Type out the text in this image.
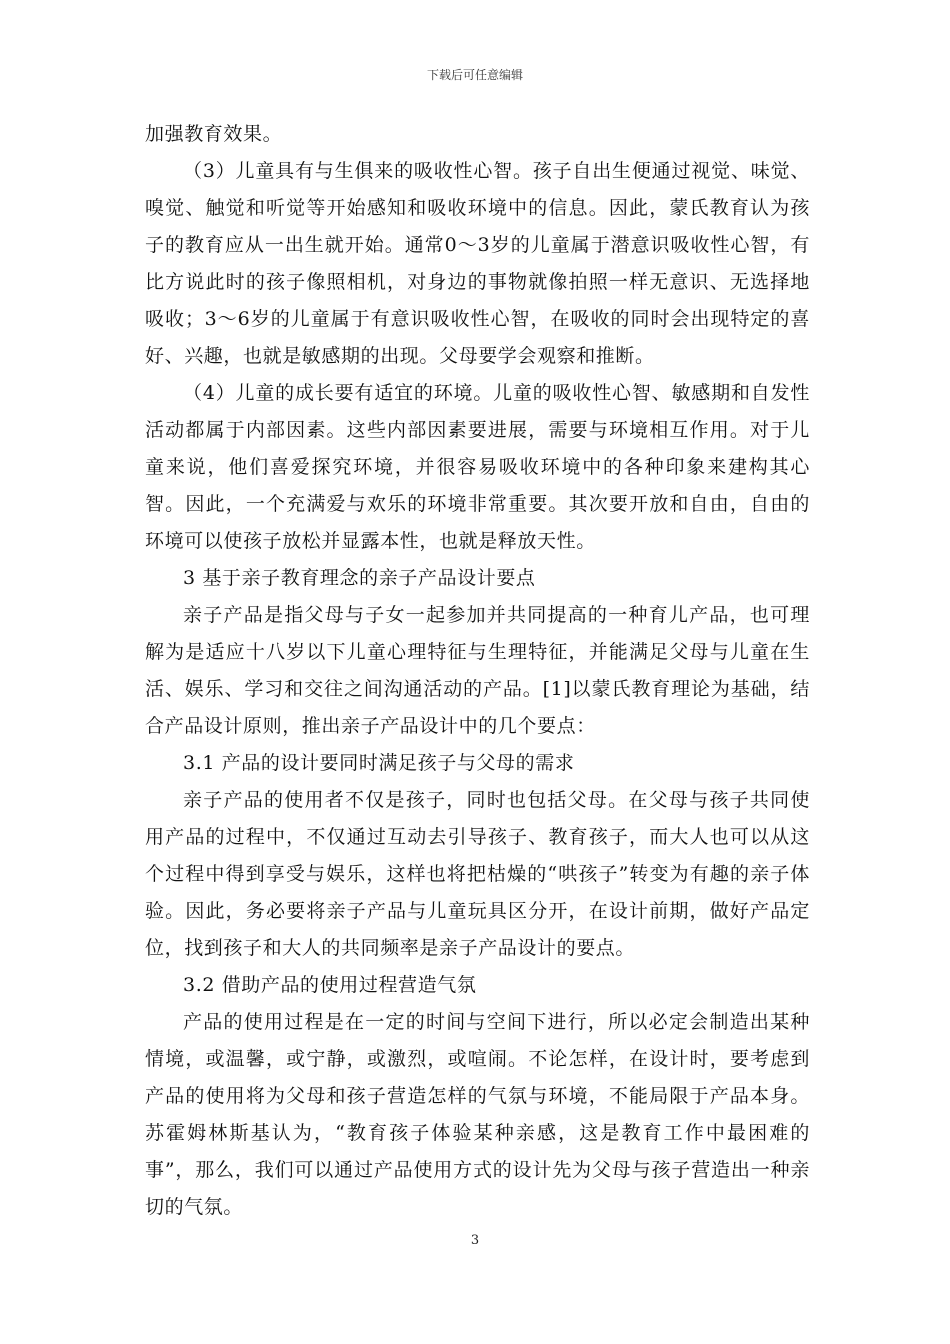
下载后可任意编辑

加强教育效果。

（3）儿童具有与生俱来的吸收性心智。孩子自出生便通过视觉、味觉、嗅觉、触觉和听觉等开始感知和吸收环境中的信息。因此，蒙氏教育认为孩子的教育应从一出生就开始。通常0～3岁的儿童属于潜意识吸收性心智，有比方说此时的孩子像照相机，对身边的事物就像拍照一样无意识、无选择地吸收；3～6岁的儿童属于有意识吸收性心智，在吸收的同时会出现特定的喜好、兴趣，也就是敏感期的出现。父母要学会观察和推断。

（4）儿童的成长要有适宜的环境。儿童的吸收性心智、敏感期和自发性活动都属于内部因素。这些内部因素要进展，需要与环境相互作用。对于儿童来说，他们喜爱探究环境，并很容易吸收环境中的各种印象来建构其心智。因此，一个充满爱与欢乐的环境非常重要。其次要开放和自由，自由的环境可以使孩子放松并显露本性，也就是释放天性。

3 基于亲子教育理念的亲子产品设计要点

亲子产品是指父母与子女一起参加并共同提高的一种育儿产品，也可理解为是适应十八岁以下儿童心理特征与生理特征，并能满足父母与儿童在生活、娱乐、学习和交往之间沟通活动的产品。[1]以蒙氏教育理论为基础，结合产品设计原则，推出亲子产品设计中的几个要点：

3.1 产品的设计要同时满足孩子与父母的需求

亲子产品的使用者不仅是孩子，同时也包括父母。在父母与孩子共同使用产品的过程中，不仅通过互动去引导孩子、教育孩子，而大人也可以从这个过程中得到享受与娱乐，这样也将把枯燥的“哄孩子”转变为有趣的亲子体验。因此，务必要将亲子产品与儿童玩具区分开，在设计前期，做好产品定位，找到孩子和大人的共同频率是亲子产品设计的要点。

3.2 借助产品的使用过程营造气氛

产品的使用过程是在一定的时间与空间下进行，所以必定会制造出某种情境，或温馨，或宁静，或激烈，或喧闹。不论怎样，在设计时，要考虑到产品的使用将为父母和孩子营造怎样的气氛与环境，不能局限于产品本身。苏霍姆林斯基认为，“教育孩子体验某种亲感，这是教育工作中最困难的事”，那么，我们可以通过产品使用方式的设计先为父母与孩子营造出一种亲切的气氛。

3
